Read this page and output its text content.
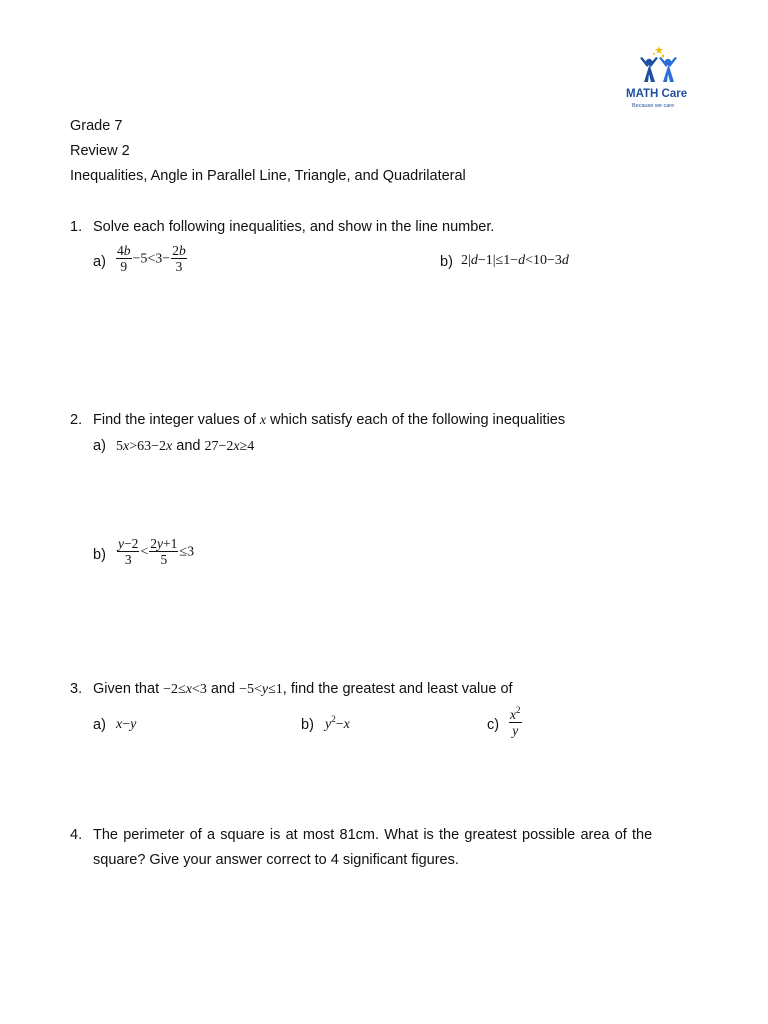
MATH Care
Because we care
Grade 7
Review 2
Inequalities, Angle in Parallel Line, Triangle, and Quadrilateral
1. Solve each following inequalities, and show in the line number.
$a) \frac{4b}{9} -5<3- \frac{2b}{3}$	b) 2|d−1|≤1−d<10−3d
2. Find the integer values of x which satisfy each of the following inequalities
a) 5x>63−2x and 27−2x≥4
$b) \frac{y-2}{3} < \frac{2y+1}{5} \le 3$
3. Given that −2≤x<3 and −5<y≤1, find the greatest and least value of
a) x−y	b) $y^2-x$	$c) \frac{x^2}{y}$
4. The perimeter of a square is at most 81cm. What is the greatest possible area of the
square? Give your answer correct to 4 significant figures.
